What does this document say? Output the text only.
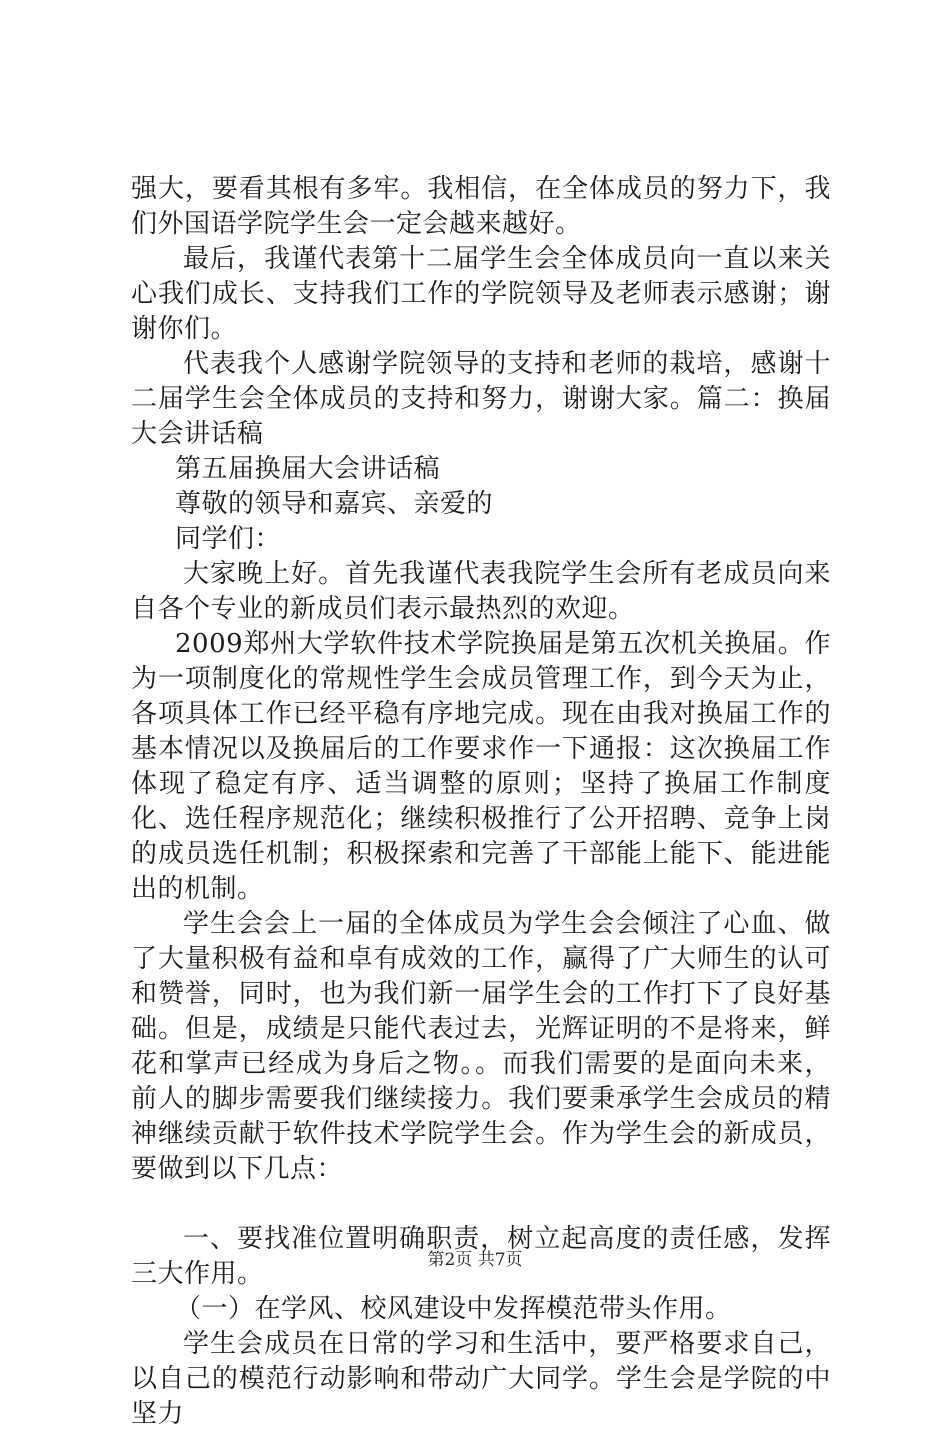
强大，要看其根有多牢。我相信，在全体成员的努力下，我们外国语学院学生会一定会越来越好。

最后，我谨代表第十二届学生会全体成员向一直以来关心我们成长、支持我们工作的学院领导及老师表示感谢；谢谢你们。

代表我个人感谢学院领导的支持和老师的栽培，感谢十二届学生会全体成员的支持和努力，谢谢大家。篇二：换届大会讲话稿

第五届换届大会讲话稿

尊敬的领导和嘉宾、亲爱的

同学们：

大家晚上好。首先我谨代表我院学生会所有老成员向来自各个专业的新成员们表示最热烈的欢迎。

2009郑州大学软件技术学院换届是第五次机关换届。作为一项制度化的常规性学生会成员管理工作，到今天为止，各项具体工作已经平稳有序地完成。现在由我对换届工作的基本情况以及换届后的工作要求作一下通报：这次换届工作体现了稳定有序、适当调整的原则；坚持了换届工作制度化、选任程序规范化；继续积极推行了公开招聘、竞争上岗的成员选任机制；积极探索和完善了干部能上能下、能进能出的机制。

学生会会上一届的全体成员为学生会会倾注了心血、做了大量积极有益和卓有成效的工作，赢得了广大师生的认可和赞誉，同时，也为我们新一届学生会的工作打下了良好基础。但是，成绩是只能代表过去，光辉证明的不是将来，鲜花和掌声已经成为身后之物。。而我们需要的是面向未来，前人的脚步需要我们继续接力。我们要秉承学生会成员的精神继续贡献于软件技术学院学生会。作为学生会的新成员，要做到以下几点：

一、要找准位置明确职责，树立起高度的责任感，发挥三大作用。

（一）在学风、校风建设中发挥模范带头作用。

学生会成员在日常的学习和生活中，要严格要求自己，以自己的模范行动影响和带动广大同学。学生会是学院的中坚力

第2页 共7页
